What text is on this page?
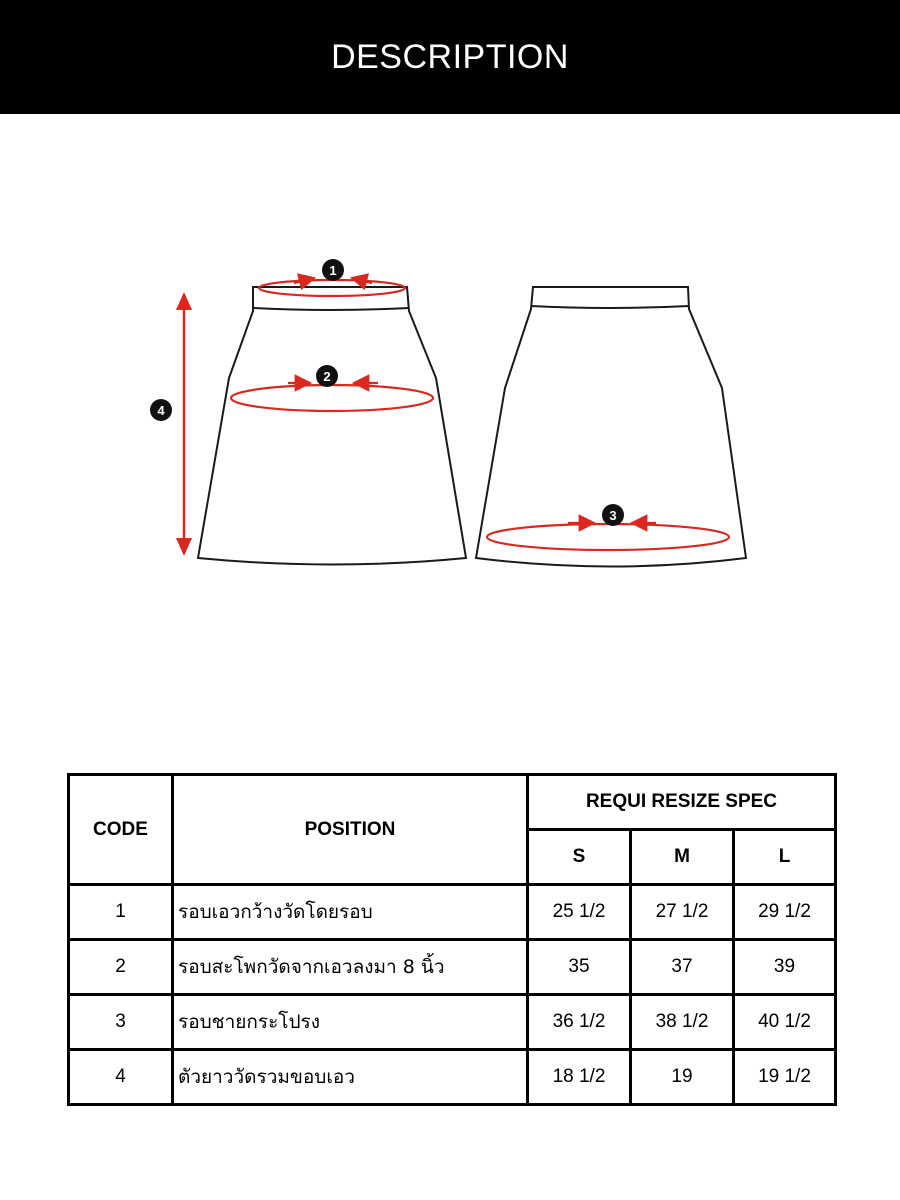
DESCRIPTION
1
2
3
4
CODE	POSITION	REQUI RESIZE SPEC		
		S	M	L
1	รอบเอวกว้างวัดโดยรอบ	25 1/2	27 1/2	29 1/2
2	รอบสะโพกวัดจากเอวลงมา 8 นิ้ว	35	37	39
3	รอบชายกระโปรง	36 1/2	38 1/2	40 1/2
4	ตัวยาววัดรวมขอบเอว	18 1/2	19	19 1/2
